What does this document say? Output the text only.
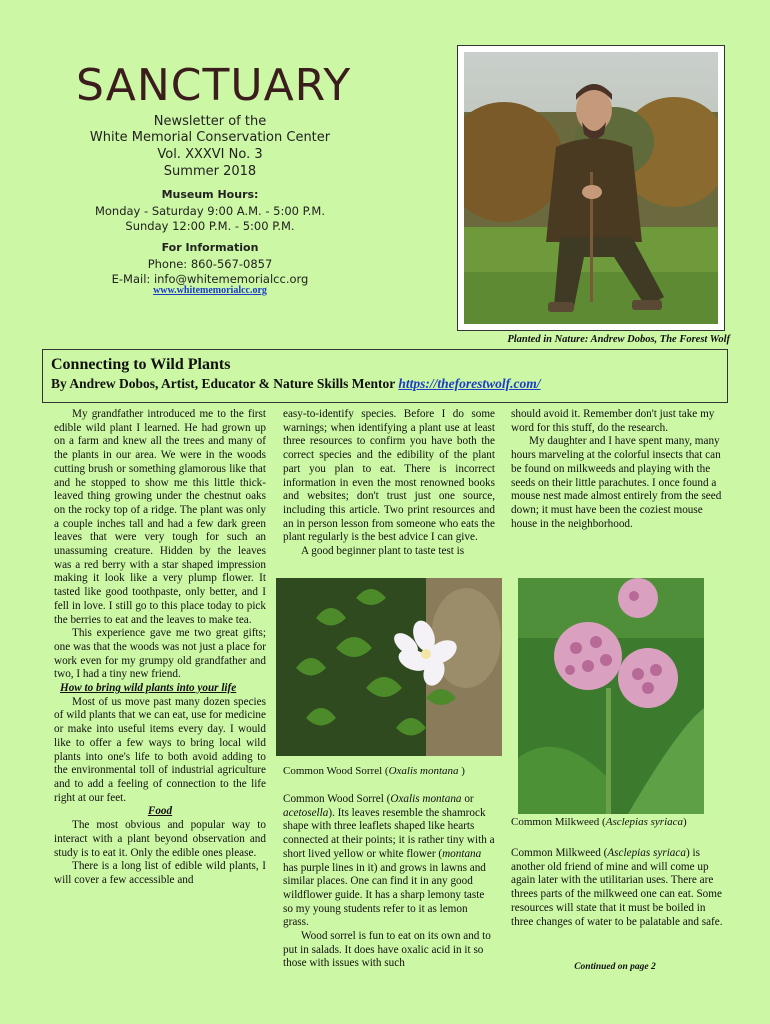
SANCTUARY
Newsletter of the
White Memorial Conservation Center
Vol. XXXVI No. 3
Summer 2018
Museum Hours:
Monday - Saturday 9:00 A.M. - 5:00 P.M.
Sunday 12:00 P.M. - 5:00 P.M.
For Information
Phone: 860-567-0857
E-Mail: info@whitememorialcc.org
www.whitememorialcc.org
Planted in Nature: Andrew Dobos, The Forest Wolf
Connecting to Wild Plants
By Andrew Dobos, Artist, Educator & Nature Skills Mentor https://theforestwolf.com/

My grandfather introduced me to the first edible wild plant I learned. He had grown up on a farm and knew all the trees and many of the plants in our area. We were in the woods cutting brush or something glamorous like that and he stopped to show me this little thick-leaved thing growing under the chestnut oaks on the rocky top of a ridge. The plant was only a couple inches tall and had a few dark green leaves that were very tough for such an unassuming creature. Hidden by the leaves was a red berry with a star shaped impression making it look like a very plump flower. It tasted like good toothpaste, only better, and I fell in love. I still go to this place today to pick the berries to eat and the leaves to make tea.

This experience gave me two great gifts; one was that the woods was not just a place for work even for my grumpy old grandfather and two, I had a tiny new friend.

How to bring wild plants into your life

Most of us move past many dozen species of wild plants that we can eat, use for medicine or make into useful items every day. I would like to offer a few ways to bring local wild plants into one's life to both avoid adding to the environmental toll of industrial agriculture and to add a feeling of connection to the life right at our feet.

Food

The most obvious and popular way to interact with a plant beyond observation and study is to eat it. Only the edible ones please.

There is a long list of edible wild plants, I will cover a few accessible and

easy-to-identify species. Before I do some warnings; when identifying a plant use at least three resources to confirm you have both the correct species and the edibility of the plant part you plan to eat. There is incorrect information in even the most renowned books and websites; don't trust just one source, including this article. Two print resources and an in person lesson from someone who eats the plant regularly is the best advice I can give.

A good beginner plant to taste test is

Common Wood Sorrel (Oxalis montana )

Common Wood Sorrel (Oxalis montana or acetosella). Its leaves resemble the shamrock shape with three leaflets shaped like hearts connected at their points; it is rather tiny with a short lived yellow or white flower (montana has purple lines in it) and grows in lawns and similar places. One can find it in any good wildflower guide. It has a sharp lemony taste so my young students refer to it as lemon grass.

Wood sorrel is fun to eat on its own and to put in salads. It does have oxalic acid in it so those with issues with such

should avoid it. Remember don't just take my word for this stuff, do the research.

My daughter and I have spent many, many hours marveling at the colorful insects that can be found on milkweeds and playing with the seeds on their little parachutes. I once found a mouse nest made almost entirely from the seed down; it must have been the coziest mouse house in the neighborhood.

Common Milkweed (Asclepias syriaca)

Common Milkweed (Asclepias syriaca) is another old friend of mine and will come up again later with the utilitarian uses. There are threes parts of the milkweed one can eat. Some resources will state that it must be boiled in three changes of water to be palatable and safe.

Continued on page 2
